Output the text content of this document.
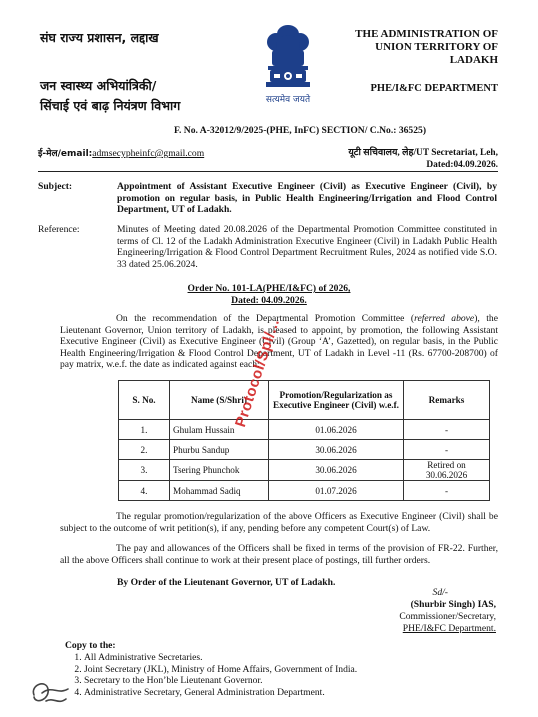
संघ राज्य प्रशासन, लद्दाख
जन स्वास्थ्य अभियांत्रिकी/
सिंचाई एवं बाढ़ नियंत्रण विभाग	सत्यमेव जयते
THE ADMINISTRATION OF
UNION TERRITORY OF
LADAKH
PHE/I&FC DEPARTMENT
F. No. A-32012/9/2025-(PHE, InFC) SECTION/ C.No.: 36525)
ई-मेल/email:admsecypheinfc@gmail.com	यूटी सचिवालय, लेह/UT Secretariat, Leh,
Dated:04.09.2026.
Subject:	Appointment of Assistant Executive Engineer (Civil) as Executive Engineer (Civil), by promotion on regular basis, in Public Health Engineering/Irrigation and Flood Control Department, UT of Ladakh.
Reference:	Minutes of Meeting dated 20.08.2026 of the Departmental Promotion Committee constituted in terms of Cl. 12 of the Ladakh Administration Executive Engineer (Civil) in Ladakh Public Health Engineering/Irrigation & Flood Control Department Recruitment Rules, 2024 as notified vide S.O. 33 dated 25.06.2024.
Order No. 101-LA(PHE/I&FC) of 2026,
Dated: 04.09.2026.
On the recommendation of the Departmental Promotion Committee (referred above), the Lieutenant Governor, Union territory of Ladakh, is pleased to appoint, by promotion, the following Assistant Executive Engineer (Civil) as Executive Engineer (Civil) (Group ‘A’, Gazetted), on regular basis, in the Public Health Engineering/Irrigation & Flood Control Department, UT of Ladakh in Level -11 (Rs. 67700-208700) of pay matrix, w.e.f. the date as indicated against each:
S. No.	Name (S/Shri)	Promotion/Regularization as Executive Engineer (Civil) w.e.f.	Remarks
1.	Ghulam Hussain	01.06.2026	-
2.	Phurbu Sandup	30.06.2026	-
3.	Tsering Phunchok	30.06.2026	Retired on 30.06.2026
4.	Mohammad Sadiq	01.07.2026	-
Protocol/Spl/...
The regular promotion/regularization of the above Officers as Executive Engineer (Civil) shall be subject to the outcome of writ petition(s), if any, pending before any competent Court(s) of Law.
The pay and allowances of the Officers shall be fixed in terms of the provision of FR-22. Further, all the above Officers shall continue to work at their present place of postings, till further orders.
By Order of the Lieutenant Governor, UT of Ladakh.
Sd/-
(Shurbir Singh) IAS,
Commissioner/Secretary,
PHE/I&FC Department.
Copy to the:
1. All Administrative Secretaries.
2. Joint Secretary (JKL), Ministry of Home Affairs, Government of India.
3. Secretary to the Hon’ble Lieutenant Governor.
4. Administrative Secretary, General Administration Department.
